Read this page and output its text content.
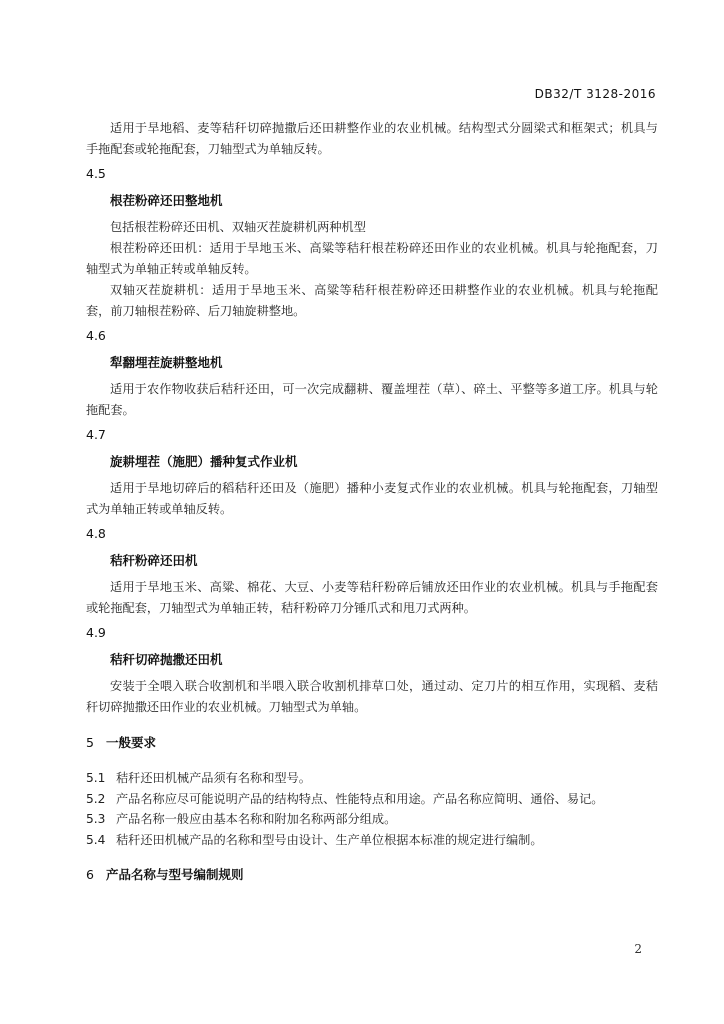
DB32/T 3128-2016

适用于旱地稻、麦等秸秆切碎抛撒后还田耕整作业的农业机械。结构型式分圆梁式和框架式；机具与手拖配套或轮拖配套，刀轴型式为单轴反转。

4.5
根茬粉碎还田整地机

包括根茬粉碎还田机、双轴灭茬旋耕机两种机型

根茬粉碎还田机：适用于旱地玉米、高粱等秸秆根茬粉碎还田作业的农业机械。机具与轮拖配套，刀轴型式为单轴正转或单轴反转。

双轴灭茬旋耕机：适用于旱地玉米、高粱等秸秆根茬粉碎还田耕整作业的农业机械。机具与轮拖配套，前刀轴根茬粉碎、后刀轴旋耕整地。

4.6
犁翻埋茬旋耕整地机

适用于农作物收获后秸秆还田，可一次完成翻耕、覆盖埋茬（草）、碎土、平整等多道工序。机具与轮拖配套。

4.7
旋耕埋茬（施肥）播种复式作业机

适用于旱地切碎后的稻秸秆还田及（施肥）播种小麦复式作业的农业机械。机具与轮拖配套，刀轴型式为单轴正转或单轴反转。

4.8
秸秆粉碎还田机

适用于旱地玉米、高粱、棉花、大豆、小麦等秸秆粉碎后铺放还田作业的农业机械。机具与手拖配套或轮拖配套，刀轴型式为单轴正转，秸秆粉碎刀分锤爪式和甩刀式两种。

4.9
秸秆切碎抛撒还田机

安装于全喂入联合收割机和半喂入联合收割机排草口处，通过动、定刀片的相互作用，实现稻、麦秸秆切碎抛撒还田作业的农业机械。刀轴型式为单轴。

5 一般要求
5.1 秸秆还田机械产品须有名称和型号。
5.2 产品名称应尽可能说明产品的结构特点、性能特点和用途。产品名称应简明、通俗、易记。
5.3 产品名称一般应由基本名称和附加名称两部分组成。
5.4 秸秆还田机械产品的名称和型号由设计、生产单位根据本标准的规定进行编制。
6 产品名称与型号编制规则
2
